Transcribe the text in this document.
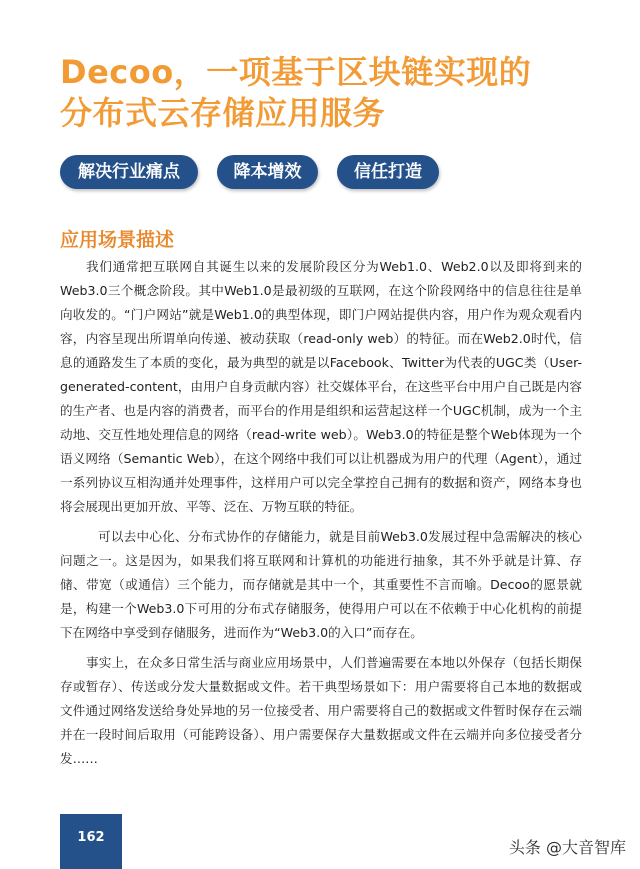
Decoo，一项基于区块链实现的
分布式云存储应用服务
解决行业痛点	降本增效	信任打造
应用场景描述

我们通常把互联网自其诞生以来的发展阶段区分为Web1.0、Web2.0以及即将到来的Web3.0三个概念阶段。其中Web1.0是最初级的互联网，在这个阶段网络中的信息往往是单向收发的。“门户网站”就是Web1.0的典型体现，即门户网站提供内容，用户作为观众观看内容，内容呈现出所谓单向传递、被动获取（read-only web）的特征。而在Web2.0时代，信息的通路发生了本质的变化，最为典型的就是以Facebook、Twitter为代表的UGC类（User-generated-content，由用户自身贡献内容）社交媒体平台，在这些平台中用户自己既是内容的生产者、也是内容的消费者，而平台的作用是组织和运营起这样一个UGC机制，成为一个主动地、交互性地处理信息的网络（read-write web）。Web3.0的特征是整个Web体现为一个语义网络（Semantic Web），在这个网络中我们可以让机器成为用户的代理（Agent），通过一系列协议互相沟通并处理事件，这样用户可以完全掌控自己拥有的数据和资产，网络本身也将会展现出更加开放、平等、泛在、万物互联的特征。

可以去中心化、分布式协作的存储能力，就是目前Web3.0发展过程中急需解决的核心问题之一。这是因为，如果我们将互联网和计算机的功能进行抽象，其不外乎就是计算、存储、带宽（或通信）三个能力，而存储就是其中一个，其重要性不言而喻。Decoo的愿景就是，构建一个Web3.0下可用的分布式存储服务，使得用户可以在不依赖于中心化机构的前提下在网络中享受到存储服务，进而作为“Web3.0的入口”而存在。

事实上，在众多日常生活与商业应用场景中，人们普遍需要在本地以外保存（包括长期保存或暂存）、传送或分发大量数据或文件。若干典型场景如下：用户需要将自己本地的数据或文件通过网络发送给身处异地的另一位接受者、用户需要将自己的数据或文件暂时保存在云端并在一段时间后取用（可能跨设备）、用户需要保存大量数据或文件在云端并向多位接受者分发……

162
头条 @大音智库
